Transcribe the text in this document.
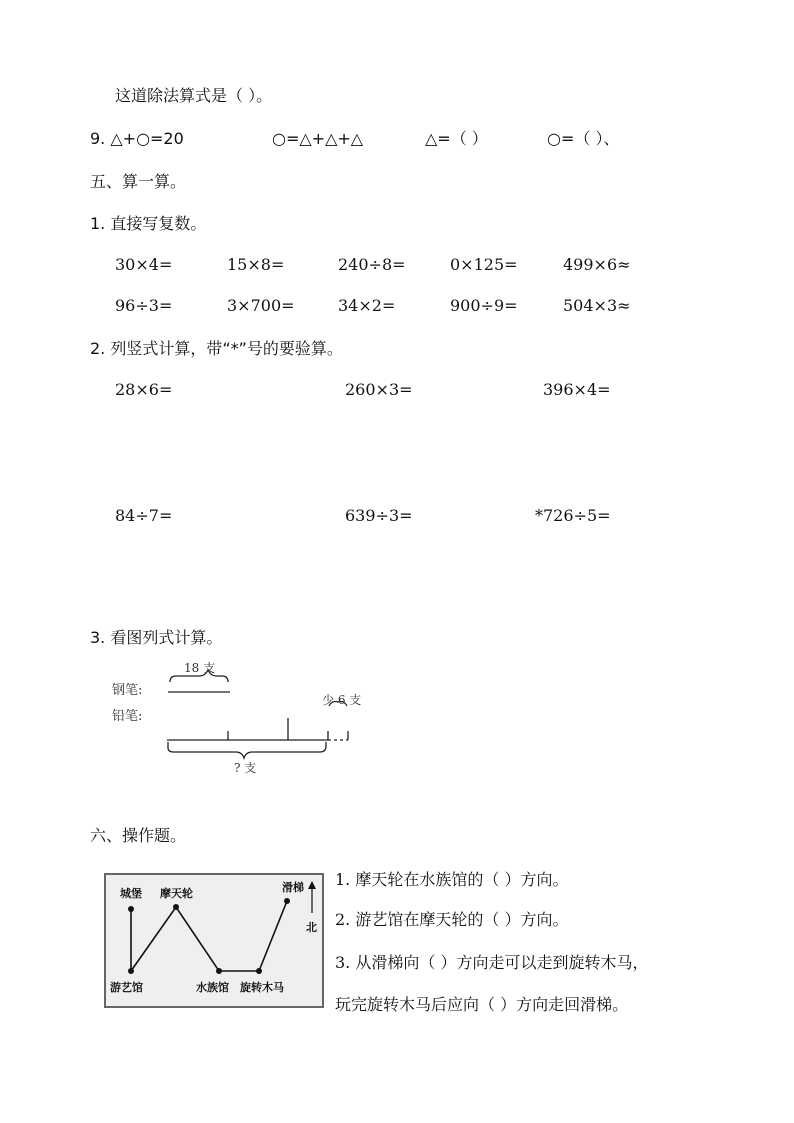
这道除法算式是（ ）。
9. △+○=20	○=△+△+△	△=（ ）	○=（ ）、
五、算一算。
1. 直接写复数。
30×4=	15×8=	240÷8=	0×125=	499×6≈
96÷3=	3×700=	34×2=	900÷9=	504×3≈
2. 列竖式计算，带“*”号的要验算。
28×6=	260×3=	396×4=
84÷7=	639÷3=	*726÷5=
3. 看图列式计算。
18 支
钢笔:
铅笔:
少 6 支
? 支
六、操作题。
北
城堡 摩天轮	滑梯
游艺馆	水族馆 旋转木马
1. 摩天轮在水族馆的（ ）方向。
2. 游艺馆在摩天轮的（ ）方向。
3. 从滑梯向（ ）方向走可以走到旋转木马，
玩完旋转木马后应向（ ）方向走回滑梯。
